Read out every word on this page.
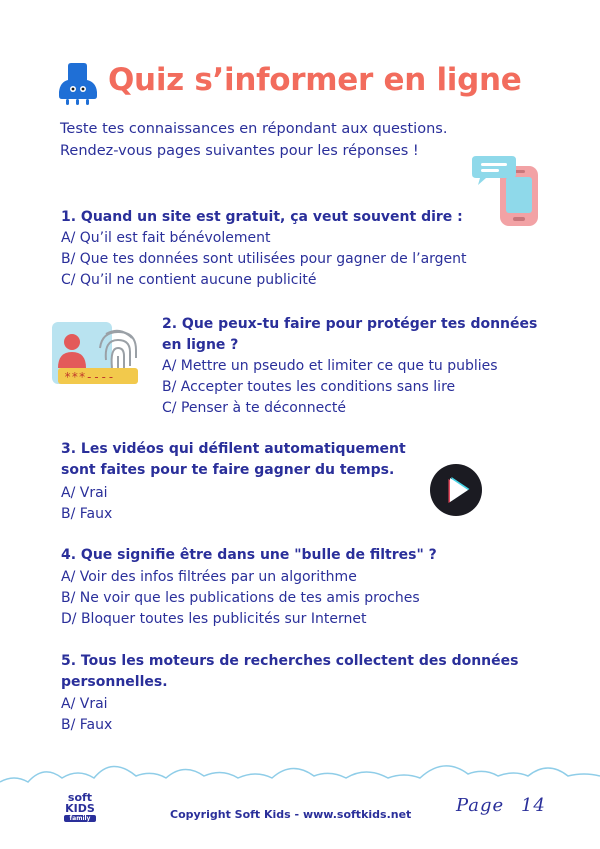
Quiz s’informer en ligne
Teste tes connaissances en répondant aux questions.
Rendez-vous pages suivantes pour les réponses !
1. Quand un site est gratuit, ça veut souvent dire :
A/ Qu’il est fait bénévolement
B/ Que tes données sont utilisées pour gagner de l’argent
C/ Qu’il ne contient aucune publicité
***----
2. Que peux-tu faire pour protéger tes données
en ligne ?
A/ Mettre un pseudo et limiter ce que tu publies
B/ Accepter toutes les conditions sans lire
C/ Penser à te déconnecté
3. Les vidéos qui défilent automatiquement
sont faites pour te faire gagner du temps.
A/ Vrai
B/ Faux
4. Que signifie être dans une "bulle de filtres" ?
A/ Voir des infos filtrées par un algorithme
B/ Ne voir que les publications de tes amis proches
D/ Bloquer toutes les publicités sur Internet
5. Tous les moteurs de recherches collectent des données
personnelles.
A/ Vrai
B/ Faux
soft
KIDS
family	Copyright Soft Kids - www.softkids.net Page 14
